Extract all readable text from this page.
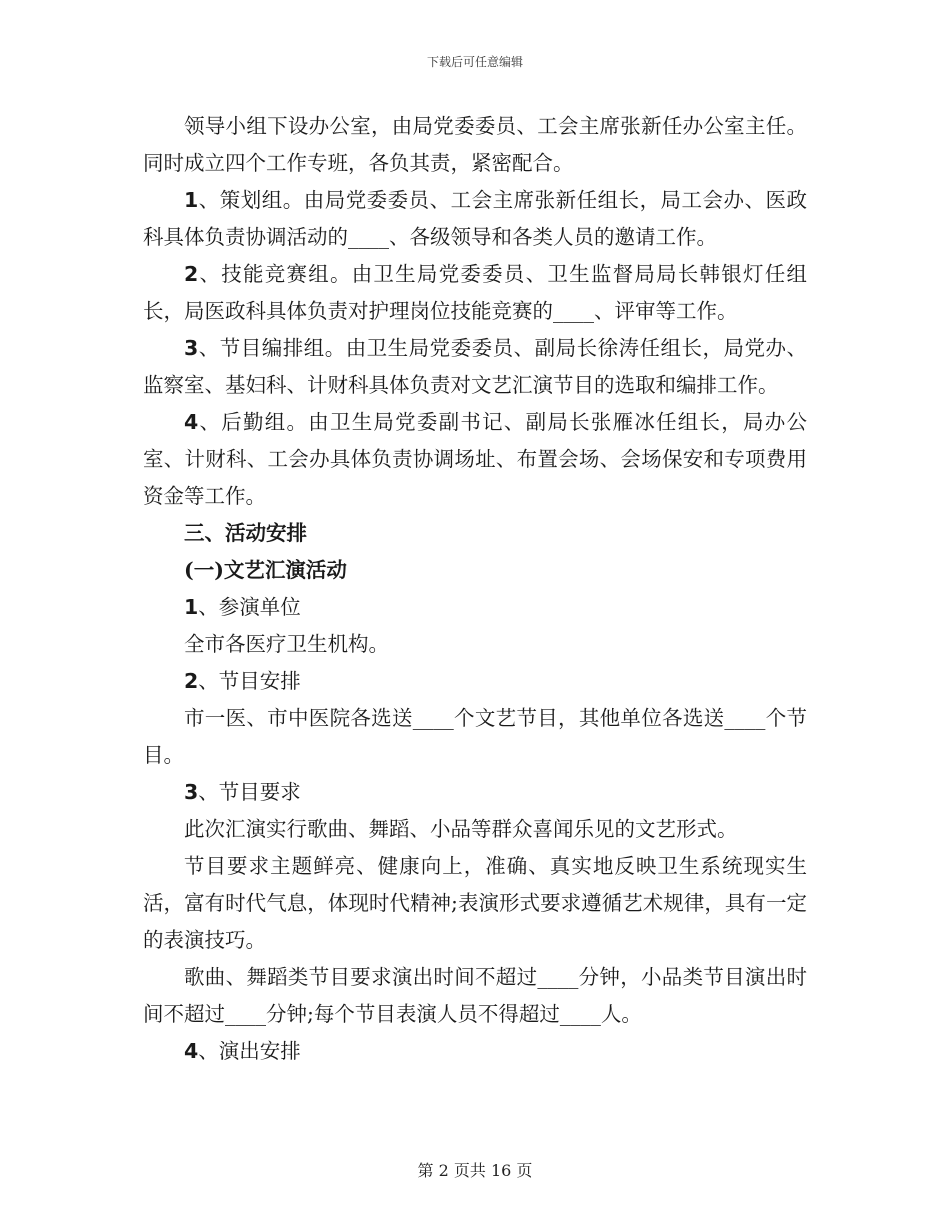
下载后可任意编辑

领导小组下设办公室，由局党委委员、工会主席张新任办公室主任。同时成立四个工作专班，各负其责，紧密配合。

1、策划组。由局党委委员、工会主席张新任组长，局工会办、医政科具体负责协调活动的____、各级领导和各类人员的邀请工作。

2、技能竞赛组。由卫生局党委委员、卫生监督局局长韩银灯任组长，局医政科具体负责对护理岗位技能竞赛的____、评审等工作。

3、节目编排组。由卫生局党委委员、副局长徐涛任组长，局党办、监察室、基妇科、计财科具体负责对文艺汇演节目的选取和编排工作。

4、后勤组。由卫生局党委副书记、副局长张雁冰任组长，局办公室、计财科、工会办具体负责协调场址、布置会场、会场保安和专项费用资金等工作。

三、活动安排

(一)文艺汇演活动

1、参演单位

全市各医疗卫生机构。

2、节目安排

市一医、市中医院各选送____个文艺节目，其他单位各选送____个节目。

3、节目要求

此次汇演实行歌曲、舞蹈、小品等群众喜闻乐见的文艺形式。

节目要求主题鲜亮、健康向上，准确、真实地反映卫生系统现实生活，富有时代气息，体现时代精神;表演形式要求遵循艺术规律，具有一定的表演技巧。

歌曲、舞蹈类节目要求演出时间不超过____分钟，小品类节目演出时间不超过____分钟;每个节目表演人员不得超过____人。

4、演出安排

第 2 页共 16 页
